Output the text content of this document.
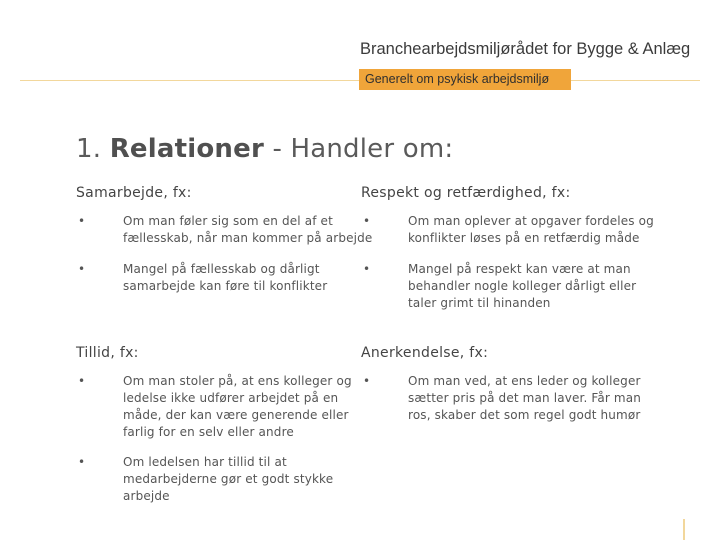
Branchearbejdsmiljørådet for Bygge & Anlæg
Generelt om psykisk arbejdsmiljø
1. Relationer - Handler om:
Samarbejde, fx:
•	Om man føler sig som en del af et fællesskab, når man kommer på arbejde
•	Mangel på fællesskab og dårligt samarbejde kan føre til konflikter
Respekt og retfærdighed, fx:
•	Om man oplever at opgaver fordeles og konflikter løses på en retfærdig måde
•	Mangel på respekt kan være at man behandler nogle kolleger dårligt eller taler grimt til hinanden
Tillid, fx:
•	Om man stoler på, at ens kolleger og ledelse ikke udfører arbejdet på en måde, der kan være generende eller farlig for en selv eller andre
•	Om ledelsen har tillid til at medarbejderne gør et godt stykke arbejde
Anerkendelse, fx:
•	Om man ved, at ens leder og kolleger sætter pris på det man laver. Får man ros, skaber det som regel godt humør
